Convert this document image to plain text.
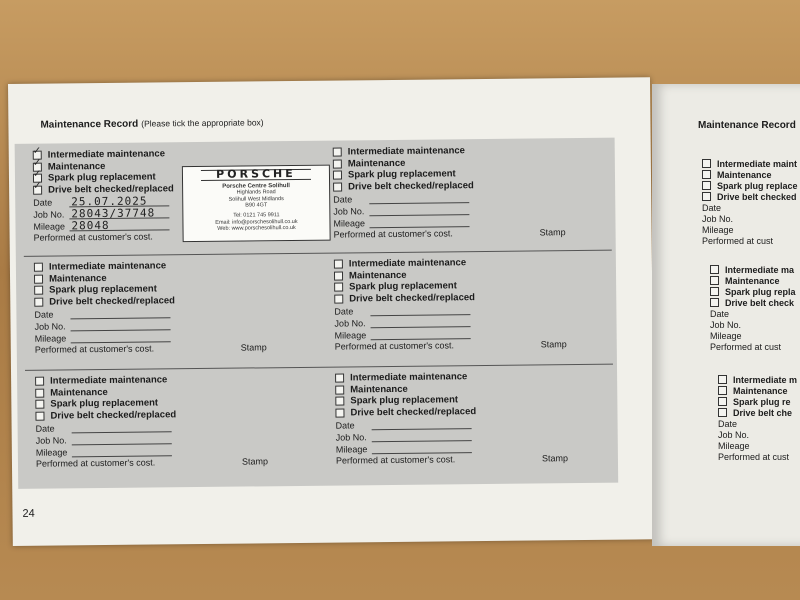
Maintenance Record (Please tick the appropriate box)
✓
Intermediate maintenance
✓
Maintenance
✓
Spark plug replacement
✓
Drive belt checked/replaced
Date	25.07.2025
Job No. 28043/37748
Mileage 28048
Performed at customer's cost.
Intermediate maintenance
Maintenance
Spark plug replacement
Drive belt checked/replaced
Date
Job No.
Mileage
Performed at customer's cost.	Stamp
Intermediate maintenance
Maintenance
Spark plug replacement
Drive belt checked/replaced
Date
Job No.
Mileage
Performed at customer's cost.	Stamp
Intermediate maintenance
Maintenance
Spark plug replacement
Drive belt checked/replaced
Date
Job No.
Mileage
Performed at customer's cost.	Stamp
Intermediate maintenance
Maintenance
Spark plug replacement
Drive belt checked/replaced
Date
Job No.
Mileage
Performed at customer's cost.	Stamp
Intermediate maintenance
Maintenance
Spark plug replacement
Drive belt checked/replaced
Date
Job No.
Mileage
Performed at customer's cost.	Stamp
PORSCHE
Porsche Centre Solihull
Highlands Road
Solihull West Midlands
B90 4GT
Tel: 0121 745 9911
Email: info@porschesolihull.co.uk
Web: www.porschesolihull.co.uk
24
Maintenance Record
Intermediate maint
Maintenance
Spark plug replace
Drive belt checked
Date
Job No.
Mileage
Performed at cust
Intermediate ma
Maintenance
Spark plug repla
Drive belt check
Date
Job No.
Mileage
Performed at cust
Intermediate m
Maintenance
Spark plug re
Drive belt che
Date
Job No.
Mileage
Performed at cust
